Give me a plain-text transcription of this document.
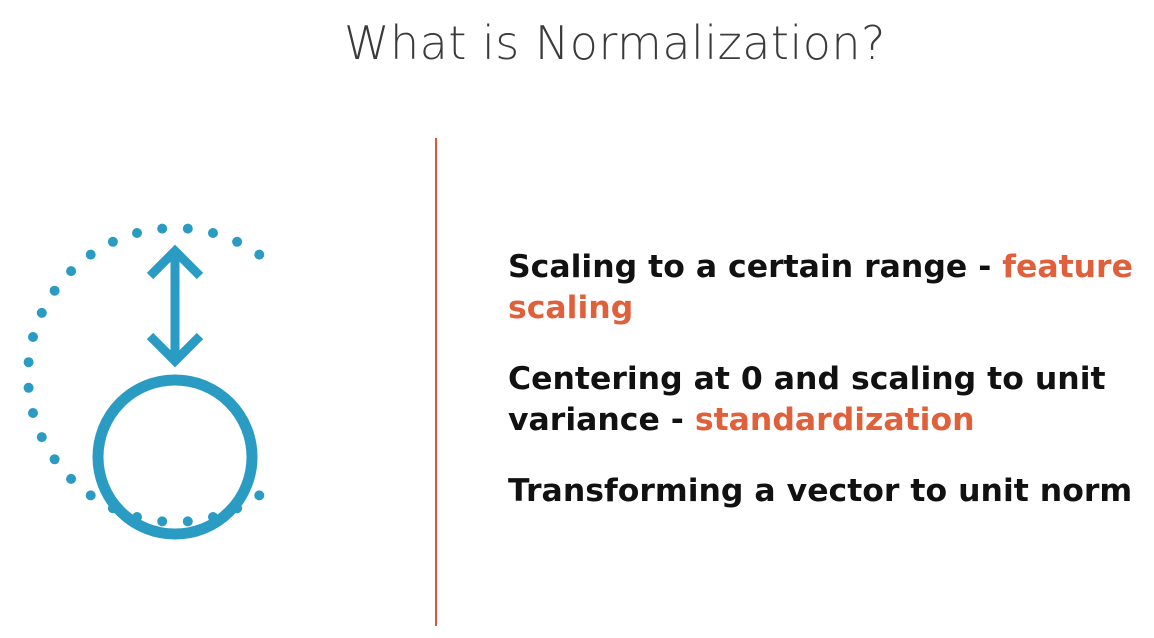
What is Normalization?
Scaling to a certain range - feature
scaling
Centering at 0 and scaling to unit
variance - standardization
Transforming a vector to unit norm
